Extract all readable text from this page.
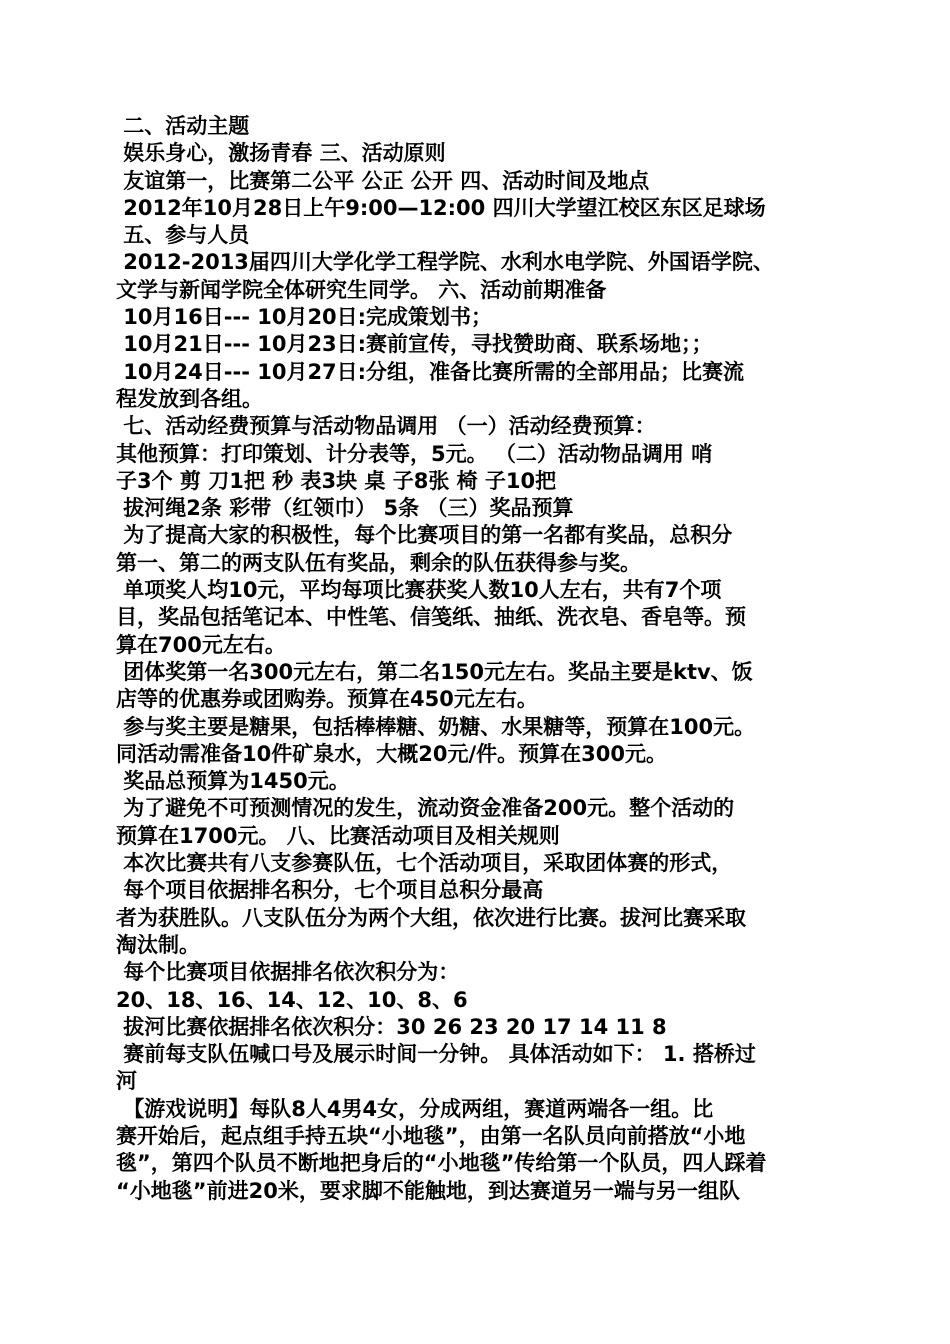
二、活动主题
娱乐身心，激扬青春 三、活动原则
友谊第一，比赛第二公平 公正 公开 四、活动时间及地点
2012年10月28日上午9:00—12:00 四川大学望江校区东区足球场
五、参与人员
2012-2013届四川大学化学工程学院、水利水电学院、外国语学院、
文学与新闻学院全体研究生同学。 六、活动前期准备
10月16日--- 10月20日:完成策划书；
10月21日--- 10月23日:赛前宣传，寻找赞助商、联系场地；；
10月24日--- 10月27日:分组，准备比赛所需的全部用品；比赛流
程发放到各组。
七、活动经费预算与活动物品调用 （一）活动经费预算：
其他预算：打印策划、计分表等，5元。 （二）活动物品调用 哨
子3个 剪 刀1把 秒 表3块 桌 子8张 椅 子10把
拔河绳2条 彩带（红领巾） 5条 （三）奖品预算
为了提高大家的积极性，每个比赛项目的第一名都有奖品，总积分
第一、第二的两支队伍有奖品，剩余的队伍获得参与奖。
单项奖人均10元，平均每项比赛获奖人数10人左右，共有7个项
目，奖品包括笔记本、中性笔、信笺纸、抽纸、洗衣皂、香皂等。预
算在700元左右。
团体奖第一名300元左右，第二名150元左右。奖品主要是ktv、饭
店等的优惠券或团购券。预算在450元左右。
参与奖主要是糖果，包括棒棒糖、奶糖、水果糖等，预算在100元。
同活动需准备10件矿泉水，大概20元/件。预算在300元。
奖品总预算为1450元。
为了避免不可预测情况的发生，流动资金准备200元。整个活动的
预算在1700元。 八、比赛活动项目及相关规则
本次比赛共有八支参赛队伍，七个活动项目，采取团体赛的形式，
每个项目依据排名积分，七个项目总积分最高
者为获胜队。八支队伍分为两个大组，依次进行比赛。拔河比赛采取
淘汰制。
每个比赛项目依据排名依次积分为：
20、18、16、14、12、10、8、6
拔河比赛依据排名依次积分：30 26 23 20 17 14 11 8
赛前每支队伍喊口号及展示时间一分钟。 具体活动如下： 1. 搭桥过
河
【游戏说明】每队8人4男4女，分成两组，赛道两端各一组。比
赛开始后，起点组手持五块“小地毯”，由第一名队员向前搭放“小地
毯”，第四个队员不断地把身后的“小地毯”传给第一个队员，四人踩着
“小地毯”前进20米，要求脚不能触地，到达赛道另一端与另一组队
